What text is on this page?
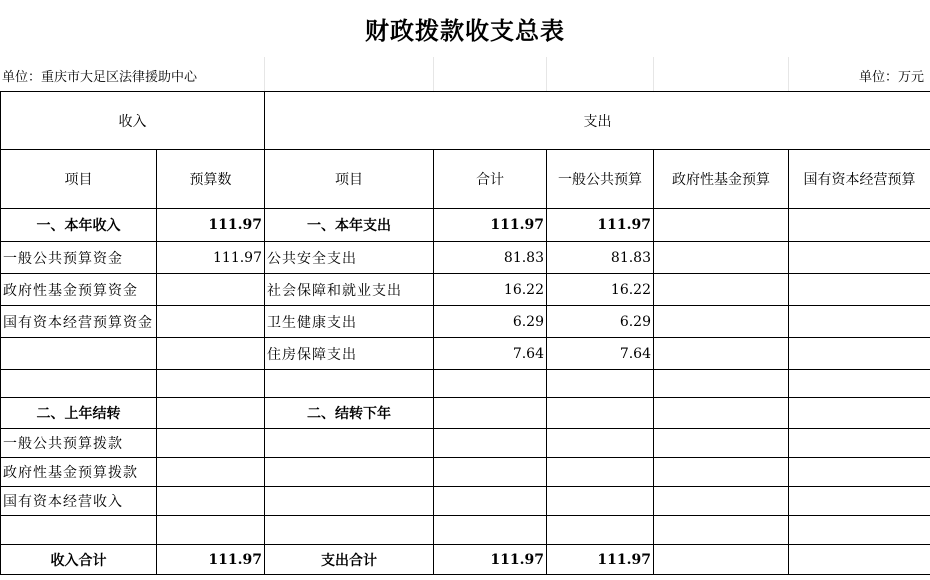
财政拨款收支总表
单位：重庆市大足区法律援助中心	单位：万元
收入		支出				
项目	预算数	项目	合计	一般公共预算	政府性基金预算	国有资本经营预算
一、本年收入	111.97	一、本年支出	111.97	111.97		
一般公共预算资金	111.97	公共安全支出	81.83	81.83		
政府性基金预算资金		社会保障和就业支出	16.22	16.22		
国有资本经营预算资金		卫生健康支出	6.29	6.29		
		住房保障支出	7.64	7.64		

二、上年结转		二、结转下年				
一般公共预算拨款						
政府性基金预算拨款						
国有资本经营收入						

收入合计	111.97	支出合计	111.97	111.97		
